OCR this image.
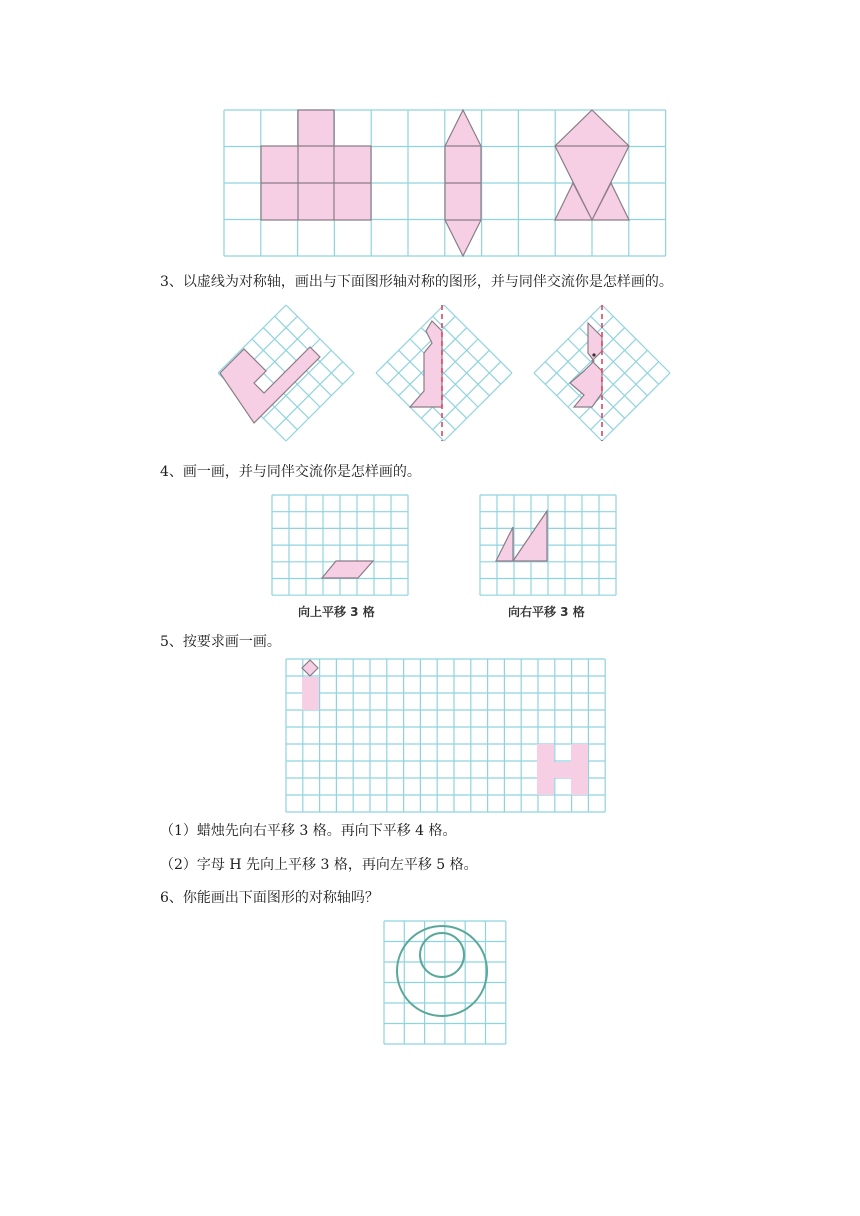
3、以虚线为对称轴，画出与下面图形轴对称的图形，并与同伴交流你是怎样画的。
4、画一画，并与同伴交流你是怎样画的。
向上平移 3 格	向右平移 3 格
5、按要求画一画。
（1）蜡烛先向右平移 3 格。再向下平移 4 格。
（2）字母 H 先向上平移 3 格，再向左平移 5 格。
6、你能画出下面图形的对称轴吗？
